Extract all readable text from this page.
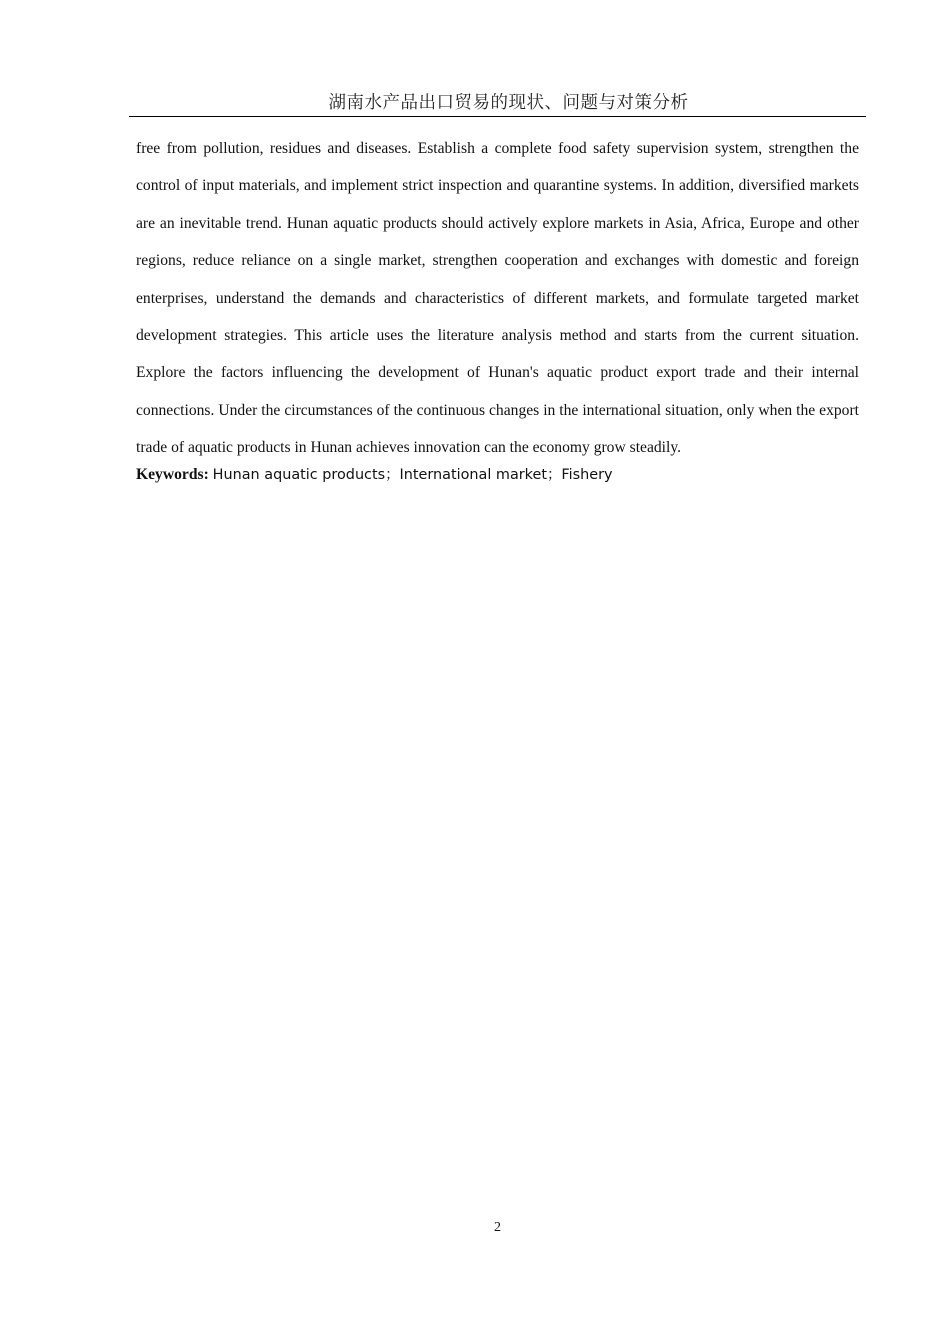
湖南水产品出口贸易的现状、问题与对策分析

free from pollution, residues and diseases. Establish a complete food safety supervision system, strengthen the control of input materials, and implement strict inspection and quarantine systems. In addition, diversified markets are an inevitable trend. Hunan aquatic products should actively explore markets in Asia, Africa, Europe and other regions, reduce reliance on a single market, strengthen cooperation and exchanges with domestic and foreign enterprises, understand the demands and characteristics of different markets, and formulate targeted market development strategies. This article uses the literature analysis method and starts from the current situation. Explore the factors influencing the development of Hunan's aquatic product export trade and their internal connections. Under the circumstances of the continuous changes in the international situation, only when the export trade of aquatic products in Hunan achieves innovation can the economy grow steadily.

Keywords: Hunan aquatic products；International market；Fishery

2
